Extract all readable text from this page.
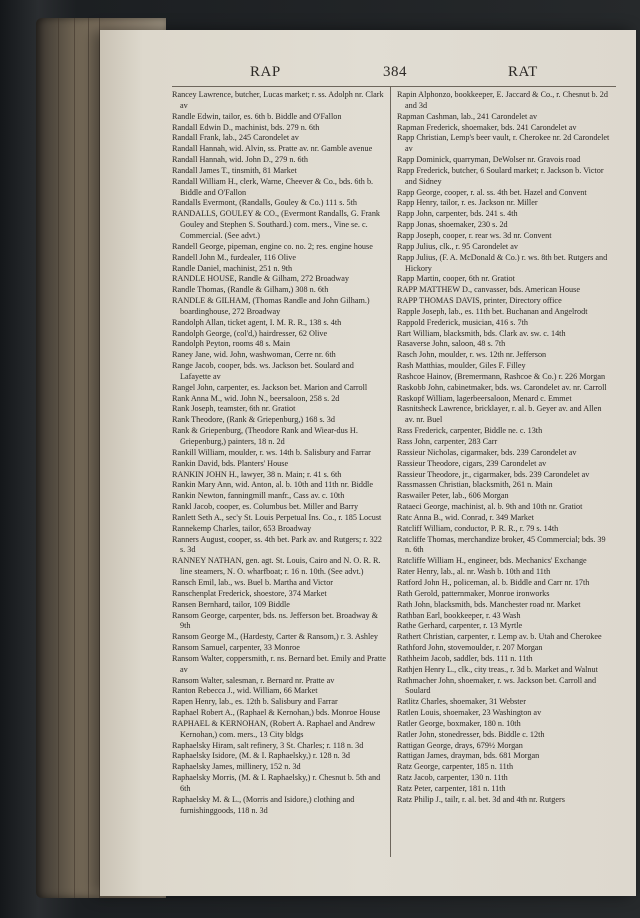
RAP	384	RAT

Rancey Lawrence, butcher, Lucas market; r. ss. Adolph nr. Clark av

Randle Edwin, tailor, es. 6th b. Biddle and O'Fallon

Randall Edwin D., machinist, bds. 279 n. 6th

Randall Frank, lab., 245 Carondelet av

Randall Hannah, wid. Alvin, ss. Pratte av. nr. Gamble avenue

Randall Hannah, wid. John D., 279 n. 6th

Randall James T., tinsmith, 81 Market

Randall William H., clerk, Warne, Cheever & Co., bds. 6th b. Biddle and O'Fallon

Randalls Evermont, (Randalls, Gouley & Co.) 111 s. 5th

RANDALLS, GOULEY & CO., (Evermont Randalls, G. Frank Gouley and Stephen S. Southard.) com. mers., Vine se. c. Commercial. (See advt.)

Randell George, pipeman, engine co. no. 2; res. engine house

Randell John M., furdealer, 116 Olive

Randle Daniel, machinist, 251 n. 9th

RANDLE HOUSE, Randle & Gilham, 272 Broadway

Randle Thomas, (Randle & Gilham,) 308 n. 6th

RANDLE & GILHAM, (Thomas Randle and John Gilham.) boardinghouse, 272 Broadway

Randolph Allan, ticket agent, I. M. R. R., 138 s. 4th

Randolph George, (col'd,) hairdresser, 62 Olive

Randolph Peyton, rooms 48 s. Main

Raney Jane, wid. John, washwoman, Cerre nr. 6th

Range Jacob, cooper, bds. ws. Jackson bet. Soulard and Lafayette av

Rangel John, carpenter, es. Jackson bet. Marion and Carroll

Rank Anna M., wid. John N., beersaloon, 258 s. 2d

Rank Joseph, teamster, 6th nr. Gratiot

Rank Theodore, (Rank & Griepenburg,) 168 s. 3d

Rank & Griepenburg, (Theodore Rank and Wiear-dus H. Griepenburg,) painters, 18 n. 2d

Rankill William, moulder, r. ws. 14th b. Salisbury and Farrar

Rankin David, bds. Planters' House

RANKIN JOHN H., lawyer, 38 n. Main; r. 41 s. 6th

Rankin Mary Ann, wid. Anton, al. b. 10th and 11th nr. Biddle

Rankin Newton, fanningmill manfr., Cass av. c. 10th

Rankl Jacob, cooper, es. Columbus bet. Miller and Barry

Ranlett Seth A., sec'y St. Louis Perpetual Ins. Co., r. 185 Locust

Rannekemp Charles, tailor, 653 Broadway

Ranners August, cooper, ss. 4th bet. Park av. and Rutgers; r. 322 s. 3d

RANNEY NATHAN, gen. agt. St. Louis, Cairo and N. O. R. R. line steamers, N. O. wharfboat; r. 16 n. 10th. (See advt.)

Ransch Emil, lab., ws. Buel b. Martha and Victor

Ranschenplat Frederick, shoestore, 374 Market

Ransen Bernhard, tailor, 109 Biddle

Ransom George, carpenter, bds. ns. Jefferson bet. Broadway & 9th

Ransom George M., (Hardesty, Carter & Ransom,) r. 3. Ashley

Ransom Samuel, carpenter, 33 Monroe

Ransom Walter, coppersmith, r. ns. Bernard bet. Emily and Pratte av

Ransom Walter, salesman, r. Bernard nr. Pratte av

Ranton Rebecca J., wid. William, 66 Market

Rapen Henry, lab., es. 12th b. Salisbury and Farrar

Raphael Robert A., (Raphael & Kernohan,) bds. Monroe House

RAPHAEL & KERNOHAN, (Robert A. Raphael and Andrew Kernohan,) com. mers., 13 City bldgs

Raphaelsky Hiram, salt refinery, 3 St. Charles; r. 118 n. 3d

Raphaelsky Isidore, (M. & I. Raphaelsky,) r. 128 n. 3d

Raphaelsky James, millinery, 152 n. 3d

Raphaelsky Morris, (M. & I. Raphaelsky,) r. Chesnut b. 5th and 6th

Raphaelsky M. & L., (Morris and Isidore,) clothing and furnishinggoods, 118 n. 3d

Rapin Alphonzo, bookkeeper, E. Jaccard & Co., r. Chesnut b. 2d and 3d

Rapman Cashman, lab., 241 Carondelet av

Rapman Frederick, shoemaker, bds. 241 Carondelet av

Rapp Christian, Lemp's beer vault, r. Cherokee nr. 2d Carondelet av

Rapp Dominick, quarryman, DeWolser nr. Gravois road

Rapp Frederick, butcher, 6 Soulard market; r. Jackson b. Victor and Sidney

Rapp George, cooper, r. al. ss. 4th bet. Hazel and Convent

Rapp Henry, tailor, r. es. Jackson nr. Miller

Rapp John, carpenter, bds. 241 s. 4th

Rapp Jonas, shoemaker, 230 s. 2d

Rapp Joseph, cooper, r. rear ws. 3d nr. Convent

Rapp Julius, clk., r. 95 Carondelet av

Rapp Julius, (F. A. McDonald & Co.) r. ws. 8th bet. Rutgers and Hickory

Rapp Martin, cooper, 6th nr. Gratiot

RAPP MATTHEW D., canvasser, bds. American House

RAPP THOMAS DAVIS, printer, Directory office

Rapple Joseph, lab., es. 11th bet. Buchanan and Angelrodt

Rappold Frederick, musician, 416 s. 7th

Rart William, blacksmith, bds. Clark av. sw. c. 14th

Rasaverse John, saloon, 48 s. 7th

Rasch John, moulder, r. ws. 12th nr. Jefferson

Rash Matthias, moulder, Giles F. Filley

Rashcoe Hainov, (Bremermann, Rashcoe & Co.) r. 226 Morgan

Raskobb John, cabinetmaker, bds. ws. Carondelet av. nr. Carroll

Raskopf William, lagerbeersaloon, Menard c. Emmet

Rasnitsheck Lawrence, bricklayer, r. al. b. Geyer av. and Allen av. nr. Buel

Rass Frederick, carpenter, Biddle ne. c. 13th

Rass John, carpenter, 283 Carr

Rassieur Nicholas, cigarmaker, bds. 239 Carondelet av

Rassieur Theodore, cigars, 239 Carondelet av

Rassieur Theodore, jr., cigarmaker, bds. 239 Carondelet av

Rassmassen Christian, blacksmith, 261 n. Main

Raswailer Peter, lab., 606 Morgan

Rataeci George, machinist, al. b. 9th and 10th nr. Gratiot

Ratc Anna B., wid. Conrad, r. 349 Market

Ratcliff William, conductor, P. R. R., r. 79 s. 14th

Ratcliffe Thomas, merchandize broker, 45 Commercial; bds. 39 n. 6th

Ratcliffe William H., engineer, bds. Mechanics' Exchange

Rater Henry, lab., al. nr. Wash b. 10th and 11th

Ratford John H., policeman, al. b. Biddle and Carr nr. 17th

Rath Gerold, patternmaker, Monroe ironworks

Rath John, blacksmith, bds. Manchester road nr. Market

Rathban Earl, bookkeeper, r. 43 Wash

Rathe Gerhard, carpenter, r. 13 Myrtle

Rathert Christian, carpenter, r. Lemp av. b. Utah and Cherokee

Rathford John, stovemoulder, r. 207 Morgan

Rathheim Jacob, saddler, bds. 111 n. 11th

Rathjen Henry L., clk., city treas., r. 3d b. Market and Walnut

Rathmacher John, shoemaker, r. ws. Jackson bet. Carroll and Soulard

Ratlitz Charles, shoemaker, 31 Webster

Ratlen Louis, shoemaker, 23 Washington av

Ratler George, boxmaker, 180 n. 10th

Ratler John, stonedresser, bds. Biddle c. 12th

Rattigan George, drays, 679½ Morgan

Rattigan James, drayman, bds. 681 Morgan

Ratz George, carpenter, 185 n. 11th

Ratz Jacob, carpenter, 130 n. 11th

Ratz Peter, carpenter, 181 n. 11th

Ratz Philip J., tailr, r. al. bet. 3d and 4th nr. Rutgers
